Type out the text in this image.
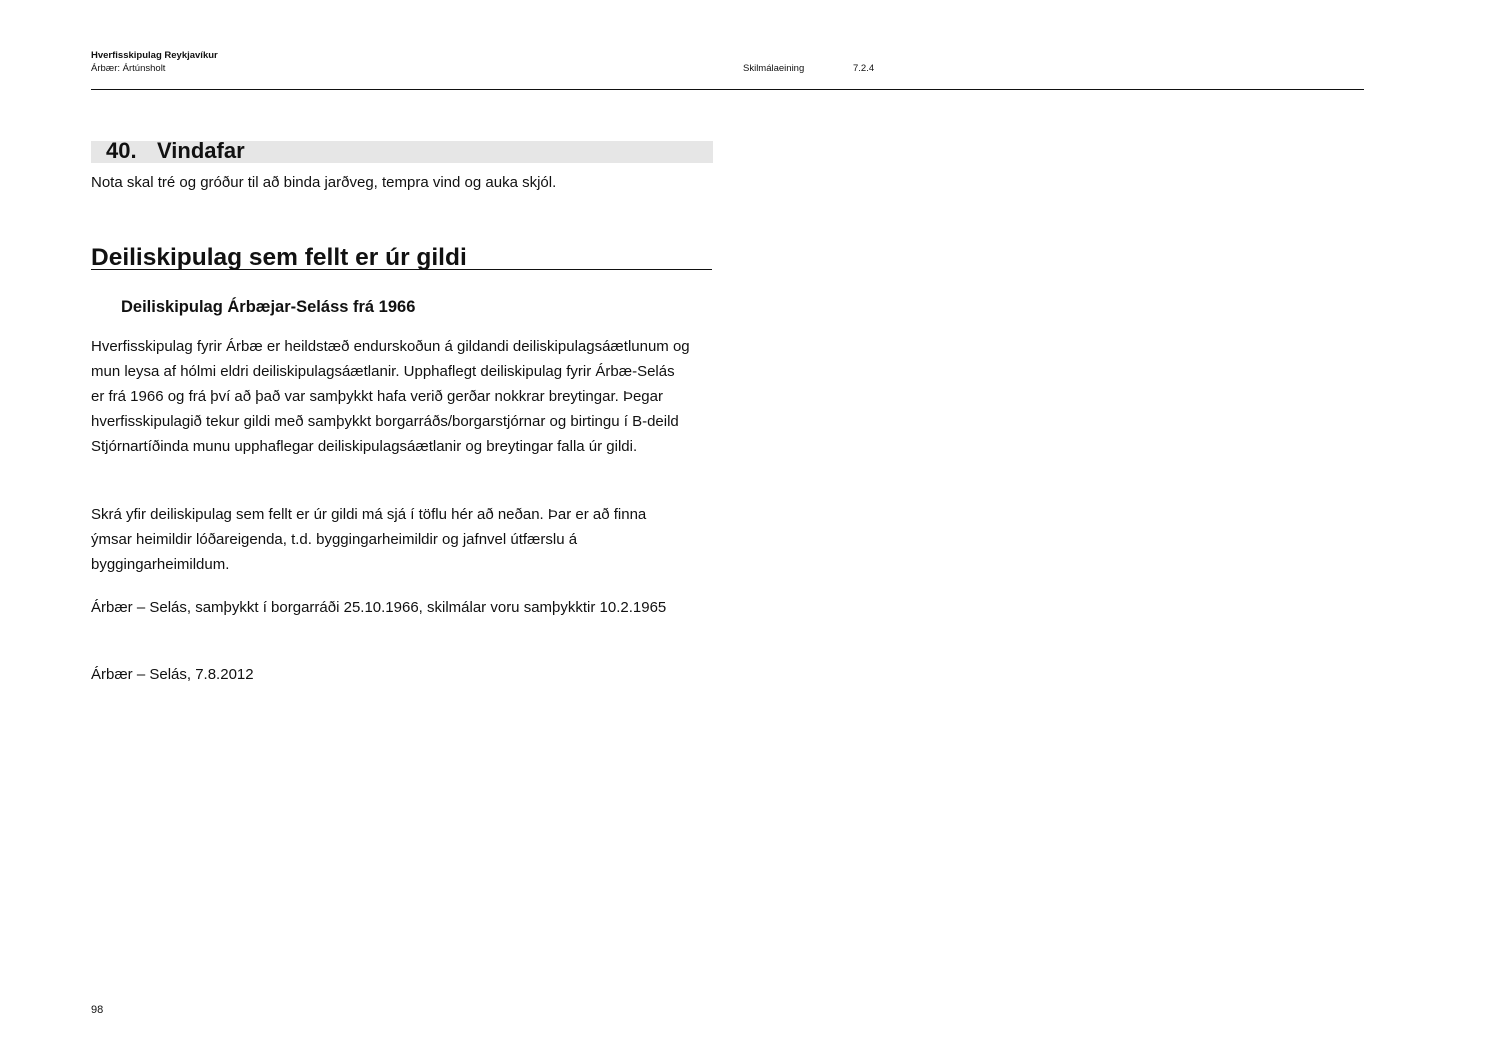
Hverfisskipulag Reykjavíkur
Árbær: Ártúnsholt	Skilmálaeining	7.2.4
40. Vindafar
Nota skal tré og gróður til að binda jarðveg, tempra vind og auka skjól.
Deiliskipulag sem fellt er úr gildi
Deiliskipulag Árbæjar-Seláss frá 1966

Hverfisskipulag fyrir Árbæ er heildstæð endurskoðun á gildandi deiliskipulagsáætlunum og mun leysa af hólmi eldri deiliskipulagsáætlanir. Upphaflegt deiliskipulag fyrir Árbæ-Selás er frá 1966 og frá því að það var samþykkt hafa verið gerðar nokkrar breytingar. Þegar hverfisskipulagið tekur gildi með samþykkt borgarráðs/borgarstjórnar og birtingu í B-deild Stjórnartíðinda munu upphaflegar deiliskipulagsáætlanir og breytingar falla úr gildi.

Skrá yfir deiliskipulag sem fellt er úr gildi má sjá í töflu hér að neðan. Þar er að finna ýmsar heimildir lóðareigenda, t.d. byggingarheimildir og jafnvel útfærslu á byggingarheimildum.

Árbær – Selás, samþykkt í borgarráði 25.10.1966, skilmálar voru samþykktir 10.2.1965

Árbær – Selás, 7.8.2012

98
